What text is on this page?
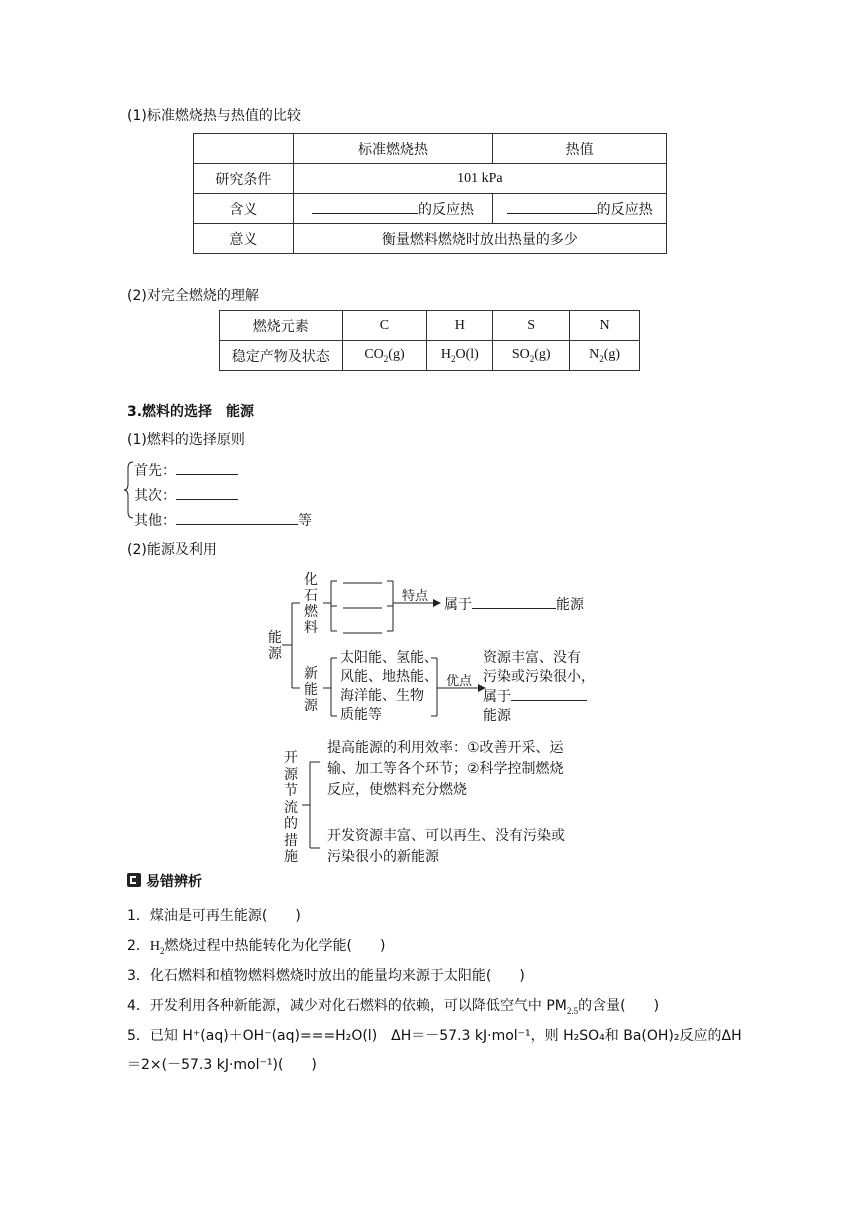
(1)标准燃烧热与热值的比较
	标准燃烧热	热值
研究条件	101 kPa	
含义	的反应热	的反应热
意义	衡量燃料燃烧时放出热量的多少	
(2)对完全燃烧的理解
燃烧元素	C	H	S	N
稳定产物及状态	$CO_2(g)$	$H_2O(l)$	$SO_2(g)$	$N_2(g)$
3.燃料的选择　能源
(1)燃料的选择原则
首先：
其次：
其他：	等
(2)能源及利用
能源
化石燃料
特点
属于	能源
新能源
太阳能、氢能、
风能、地热能、
海洋能、生物
质能等
优点
资源丰富、没有
污染或污染很小，
属于
能源
开源节流的措施
提高能源的利用效率：①改善开采、运
输、加工等各个环节；②科学控制燃烧
反应，使燃料充分燃烧
开发资源丰富、可以再生、没有污染或
污染很小的新能源
易错辨析
1．煤油是可再生能源(　　)
2．$H_2$燃烧过程中热能转化为化学能(　　)
3．化石燃料和植物燃料燃烧时放出的能量均来源于太阳能(　　)
4．开发利用各种新能源，减少对化石燃料的依赖，可以降低空气中 $PM_{2.5}$的含量(　　)
5．已知 H⁺(aq)＋OH⁻(aq)===H₂O(l)　ΔH＝－57.3 kJ·mol⁻¹，则 H₂SO₄和 Ba(OH)₂反应的ΔH
＝2×(－57.3 kJ·mol⁻¹)(　　)
